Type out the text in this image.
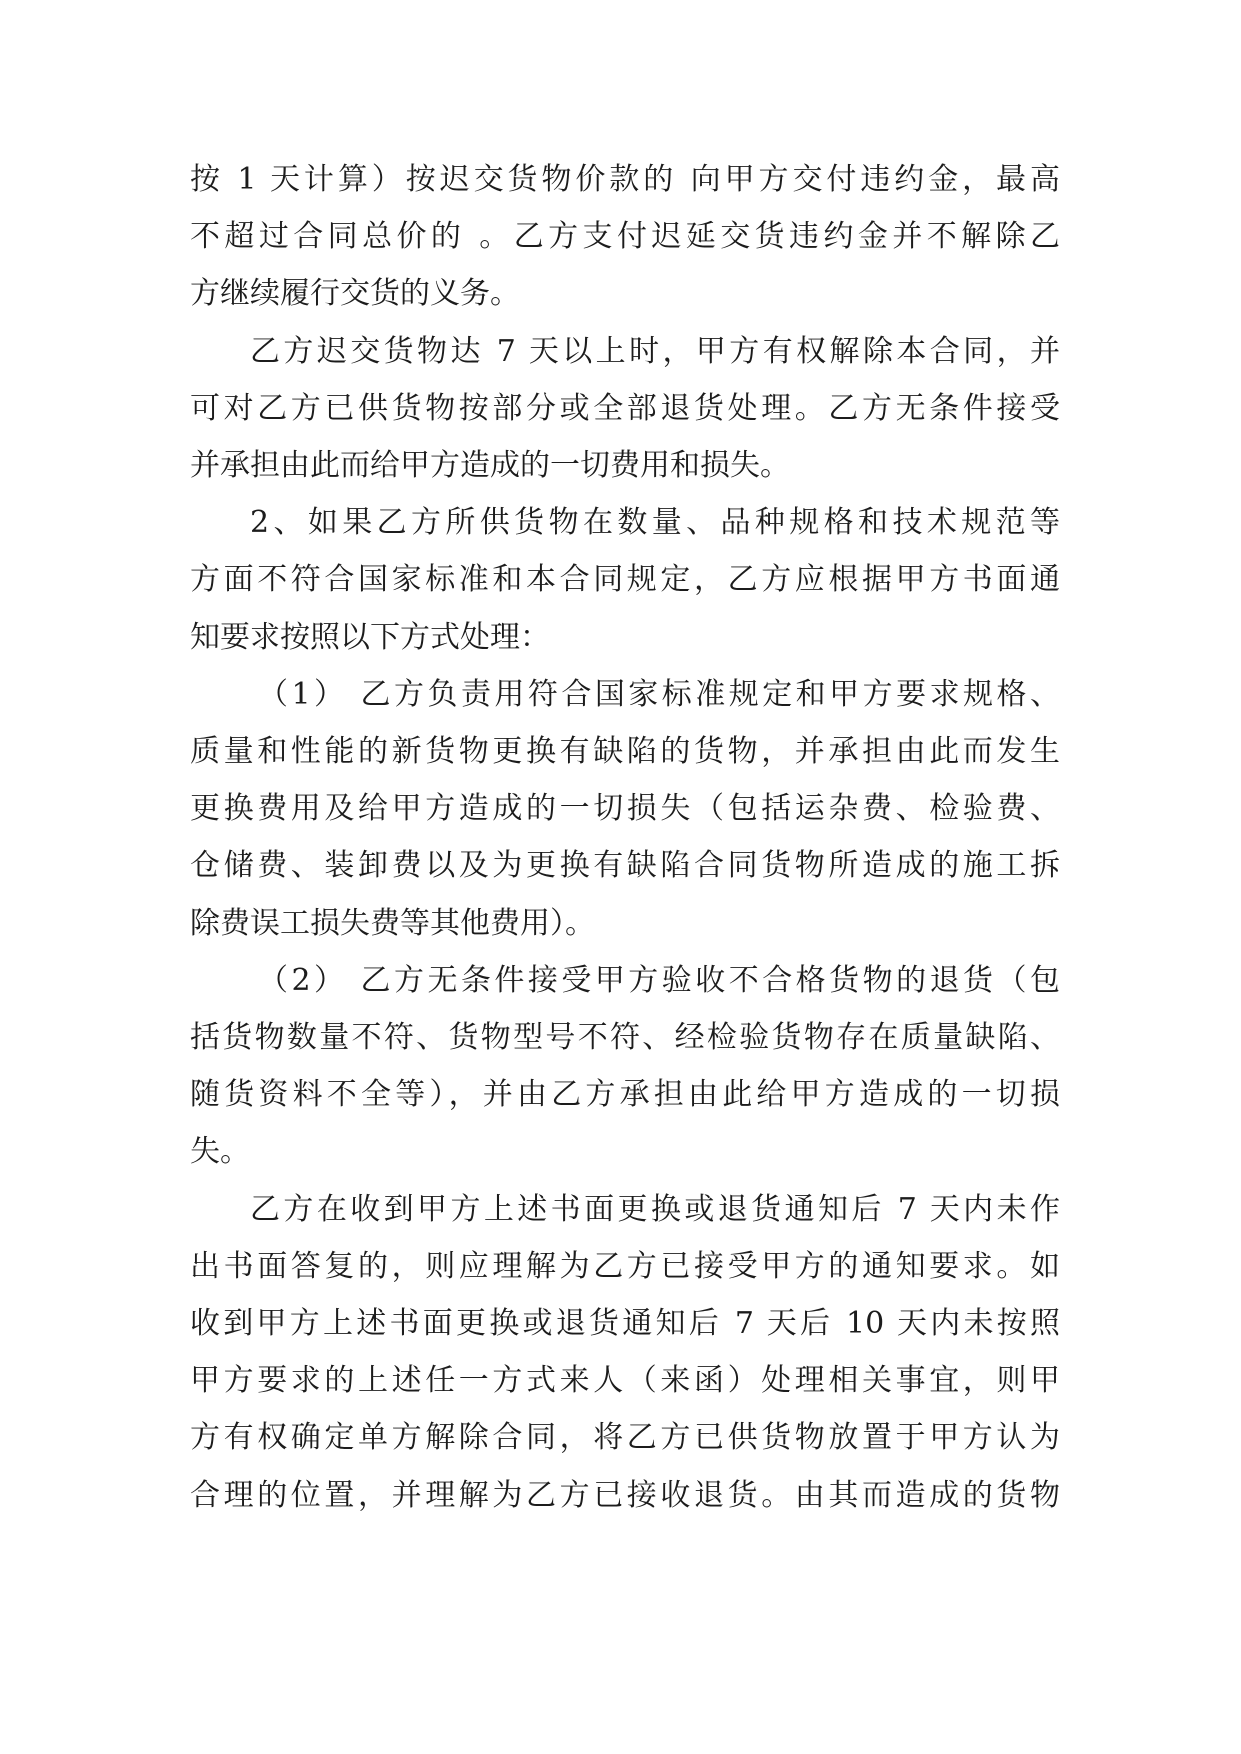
按 1 天计算）按迟交货物价款的 向甲方交付违约金，最高
不超过合同总价的 。乙方支付迟延交货违约金并不解除乙
方继续履行交货的义务。
乙方迟交货物达 7 天以上时，甲方有权解除本合同，并
可对乙方已供货物按部分或全部退货处理。乙方无条件接受
并承担由此而给甲方造成的一切费用和损失。
2、如果乙方所供货物在数量、品种规格和技术规范等
方面不符合国家标准和本合同规定，乙方应根据甲方书面通
知要求按照以下方式处理：
（1） 乙方负责用符合国家标准规定和甲方要求规格、
质量和性能的新货物更换有缺陷的货物，并承担由此而发生
更换费用及给甲方造成的一切损失（包括运杂费、检验费、
仓储费、装卸费以及为更换有缺陷合同货物所造成的施工拆
除费误工损失费等其他费用）。
（2） 乙方无条件接受甲方验收不合格货物的退货（包
括货物数量不符、货物型号不符、经检验货物存在质量缺陷、
随货资料不全等），并由乙方承担由此给甲方造成的一切损
失。
乙方在收到甲方上述书面更换或退货通知后 7 天内未作
出书面答复的，则应理解为乙方已接受甲方的通知要求。如
收到甲方上述书面更换或退货通知后 7 天后 10 天内未按照
甲方要求的上述任一方式来人（来函）处理相关事宜，则甲
方有权确定单方解除合同，将乙方已供货物放置于甲方认为
合理的位置，并理解为乙方已接收退货。由其而造成的货物
